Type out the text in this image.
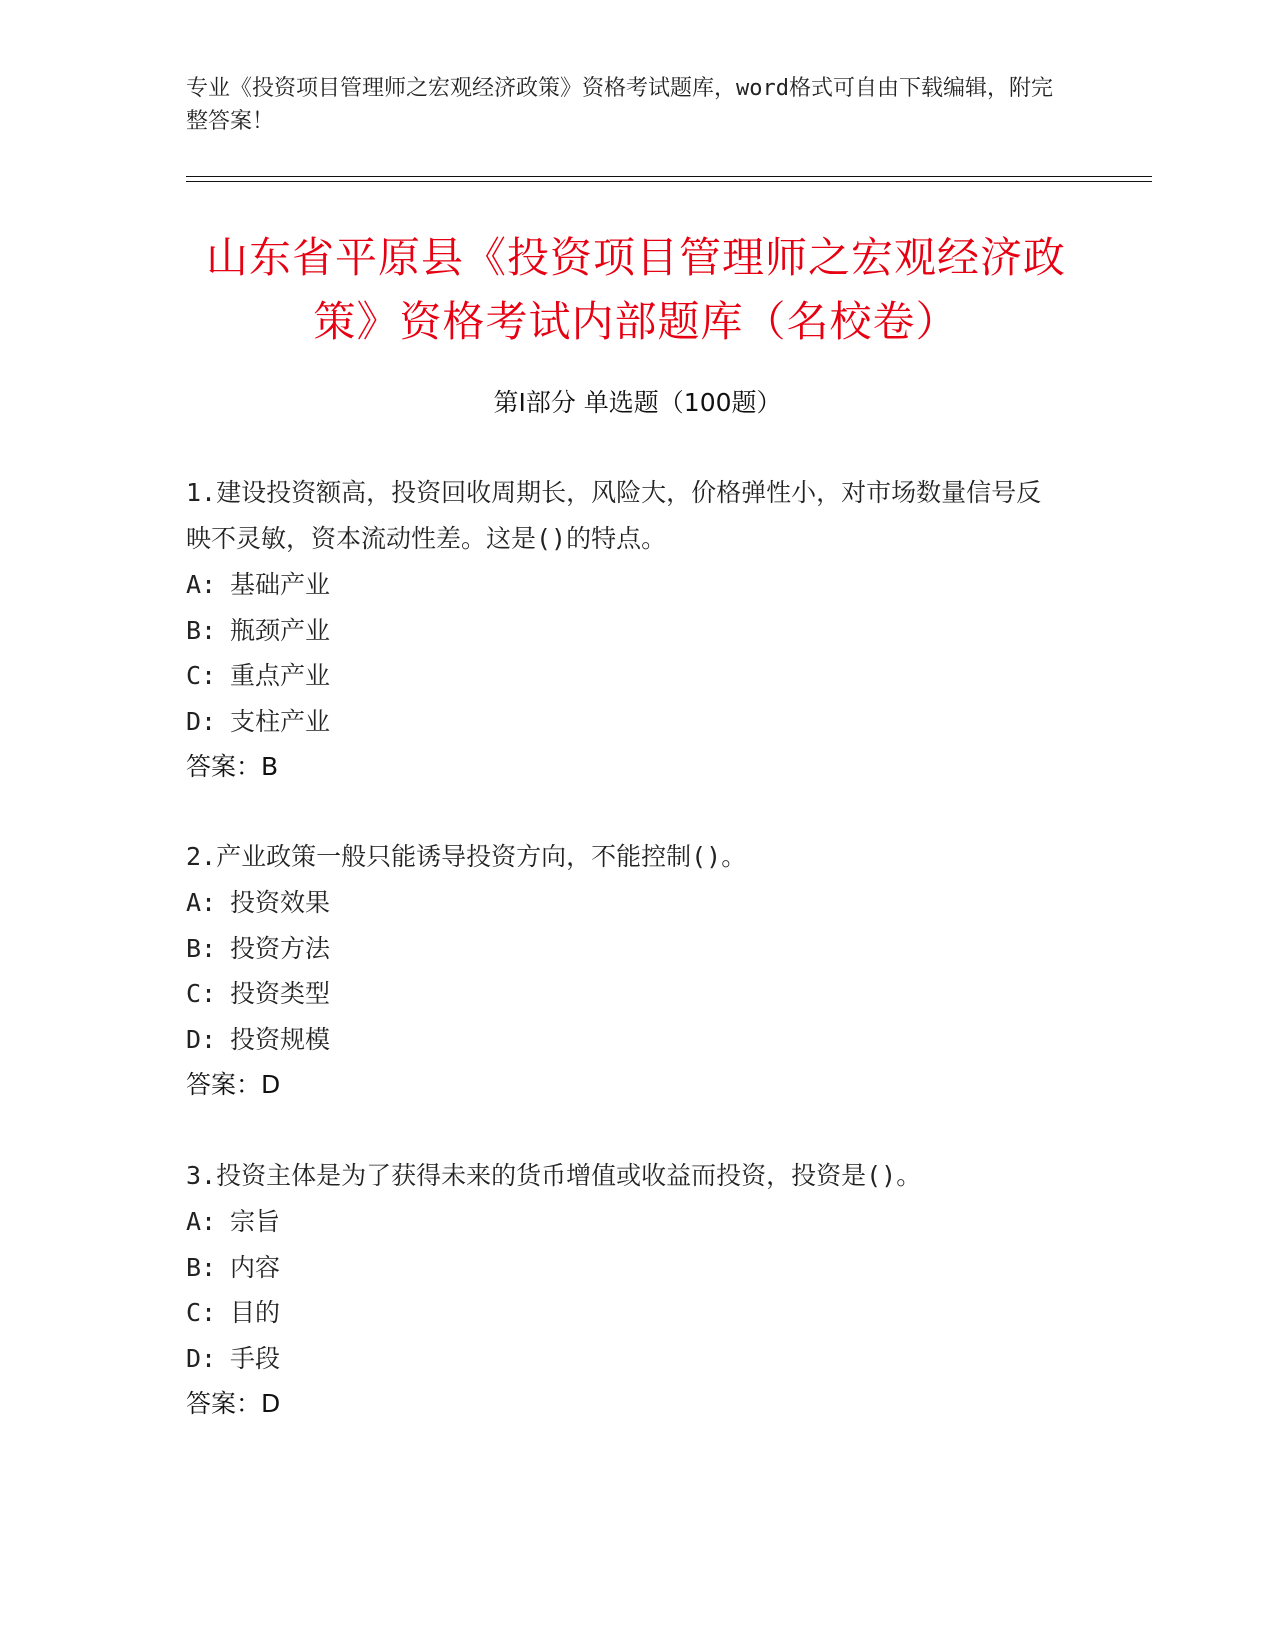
专业《投资项目管理师之宏观经济政策》资格考试题库，word格式可自由下载编辑，附完整答案！
山东省平原县《投资项目管理师之宏观经济政策》资格考试内部题库（名校卷）
第Ⅰ部分 单选题（100题）

1.建设投资额高，投资回收周期长，风险大，价格弹性小，对市场数量信号反映不灵敏，资本流动性差。这是()的特点。

A: 基础产业

B: 瓶颈产业

C: 重点产业

D: 支柱产业

答案：B

2.产业政策一般只能诱导投资方向，不能控制()。

A: 投资效果

B: 投资方法

C: 投资类型

D: 投资规模

答案：D

3.投资主体是为了获得未来的货币增值或收益而投资，投资是()。

A: 宗旨

B: 内容

C: 目的

D: 手段

答案：D
